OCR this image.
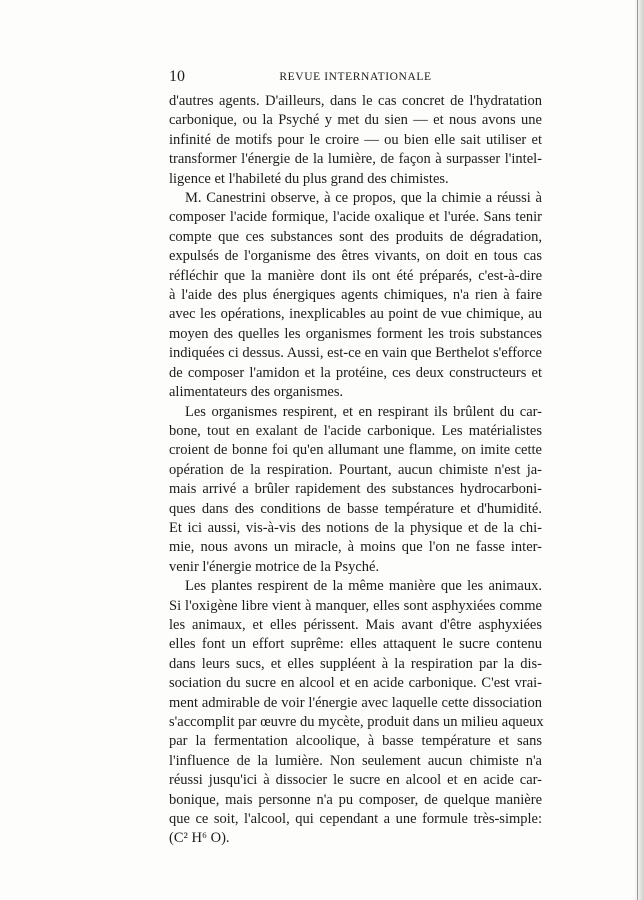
10	REVUE INTERNATIONALE
d'autres agents. D'ailleurs, dans le cas concret de l'hydratation
carbonique, ou la Psyché y met du sien — et nous avons une
infinité de motifs pour le croire — ou bien elle sait utiliser et
transformer l'énergie de la lumière, de façon à surpasser l'intel-
ligence et l'habileté du plus grand des chimistes.
M. Canestrini observe, à ce propos, que la chimie a réussi à
composer l'acide formique, l'acide oxalique et l'urée. Sans tenir
compte que ces substances sont des produits de dégradation,
expulsés de l'organisme des êtres vivants, on doit en tous cas
réfléchir que la manière dont ils ont été préparés, c'est-à-dire
à l'aide des plus énergiques agents chimiques, n'a rien à faire
avec les opérations, inexplicables au point de vue chimique, au
moyen des quelles les organismes forment les trois substances
indiquées ci dessus. Aussi, est-ce en vain que Berthelot s'efforce
de composer l'amidon et la protéine, ces deux constructeurs et
alimentateurs des organismes.
Les organismes respirent, et en respirant ils brûlent du car-
bone, tout en exalant de l'acide carbonique. Les matérialistes
croient de bonne foi qu'en allumant une flamme, on imite cette
opération de la respiration. Pourtant, aucun chimiste n'est ja-
mais arrivé a brûler rapidement des substances hydrocarboni-
ques dans des conditions de basse température et d'humidité.
Et ici aussi, vis-à-vis des notions de la physique et de la chi-
mie, nous avons un miracle, à moins que l'on ne fasse inter-
venir l'énergie motrice de la Psyché.
Les plantes respirent de la même manière que les animaux.
Si l'oxigène libre vient à manquer, elles sont asphyxiées comme
les animaux, et elles périssent. Mais avant d'être asphyxiées
elles font un effort suprême: elles attaquent le sucre contenu
dans leurs sucs, et elles suppléent à la respiration par la dis-
sociation du sucre en alcool et en acide carbonique. C'est vrai-
ment admirable de voir l'énergie avec laquelle cette dissociation
s'accomplit par œuvre du mycète, produit dans un milieu aqueux
par la fermentation alcoolique, à basse température et sans
l'influence de la lumière. Non seulement aucun chimiste n'a
réussi jusqu'ici à dissocier le sucre en alcool et en acide car-
bonique, mais personne n'a pu composer, de quelque manière
que ce soit, l'alcool, qui cependant a une formule très-simple:
(C² H⁶ O).
